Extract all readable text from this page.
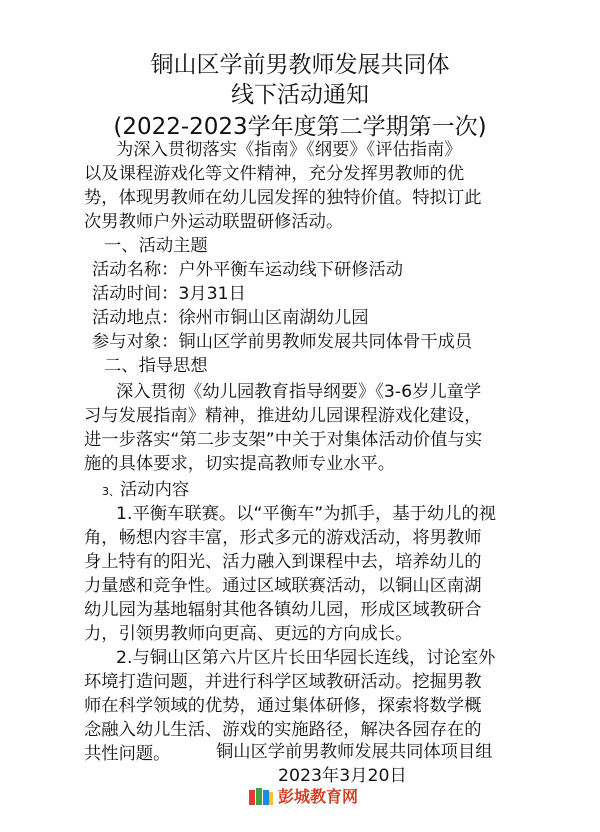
铜山区学前男教师发展共同体
线下活动通知
(2022-2023学年度第二学期第一次)
为深入贯彻落实《指南》《纲要》《评估指南》
以及课程游戏化等文件精神，充分发挥男教师的优
势，体现男教师在幼儿园发挥的独特价值。特拟订此
次男教师户外运动联盟研修活动。
一、活动主题
活动名称：户外平衡车运动线下研修活动
活动时间：3月31日
活动地点：徐州市铜山区南湖幼儿园
参与对象：铜山区学前男教师发展共同体骨干成员
二、指导思想
深入贯彻《幼儿园教育指导纲要》《3-6岁儿童学
习与发展指南》精神，推进幼儿园课程游戏化建设，
进一步落实“第二步支架”中关于对集体活动价值与实
施的具体要求，切实提高教师专业水平。
3、活动内容
1.平衡车联赛。以“平衡车”为抓手，基于幼儿的视
角，畅想内容丰富，形式多元的游戏活动，将男教师
身上特有的阳光、活力融入到课程中去，培养幼儿的
力量感和竞争性。通过区域联赛活动，以铜山区南湖
幼儿园为基地辐射其他各镇幼儿园，形成区域教研合
力，引领男教师向更高、更远的方向成长。
2.与铜山区第六片区片长田华园长连线，讨论室外
环境打造问题，并进行科学区域教研活动。挖掘男教
师在科学领域的优势，通过集体研修，探索将数学概
念融入幼儿生活、游戏的实施路径，解决各园存在的
共性问题。	铜山区学前男教师发展共同体项目组
2023年3月20日
彭城教育网
